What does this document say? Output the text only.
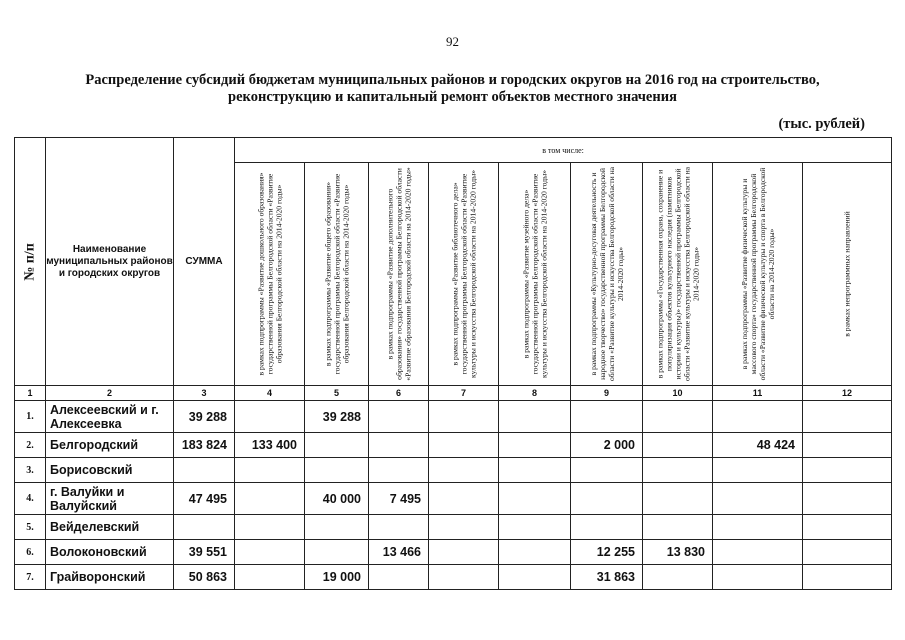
92
Распределение субсидий бюджетам муниципальных районов и городских округов на 2016 год на строительство,
реконструкцию и капитальный ремонт объектов местного значения
(тыс. рублей)
№ п/п	Наименование муниципальных районов и городских округов	СУММА	в том числе:								

			в рамках подпрограммы «Развитие дошкольного образования» государственной программы Белгородской области «Развитие образования Белгородской области на 2014-2020 годы»	в рамках подпрограммы «Развитие общего образования» государственной программы Белгородской области «Развитие образования Белгородской области на 2014-2020 годы»	в рамках подпрограммы «Развитие дополнительного образования» государственной программы Белгородской области «Развитие образования Белгородской области на 2014-2020 годы»	в рамках подпрограммы «Развитие библиотечного дела» государственной программы Белгородской области «Развитие культуры и искусства Белгородской области на 2014-2020 годы»	в рамках подпрограммы «Развитие музейного дела» государственной программы Белгородской области «Развитие культуры и искусства Белгородской области на 2014-2020 годы»	в рамках подпрограммы «Культурно-досуговая деятельность и народное творчество» государственной программы Белгородской области «Развитие культуры и искусства Белгородской области на 2014-2020 годы»	в рамках подпрограммы «Государственная охрана, сохранение и популяризация объектов культурного наследия (памятников истории и культуры)» государственной программы Белгородской области «Развитие культуры и искусства Белгородской области на 2014-2020 годы»	в рамках подпрограммы «Развитие физической культуры и массового спорта» государственной программы Белгородской области «Развитие физической культуры и спорта в Белгородской области на 2014-2020 годы»	в рамках непрограммных направлений

1	2	3	4	5	6	7	8	9	10	11	12
1.	Алексеевский и г. Алексеевка	39 288		39 288							
2.	Белгородский	183 824	133 400					2 000		48 424	
3.	Борисовский										
4.	г. Валуйки и Валуйский	47 495		40 000	7 495						
5.	Вейделевский										
6.	Волоконовский	39 551			13 466			12 255	13 830		
7.	Грайворонский	50 863		19 000				31 863			
